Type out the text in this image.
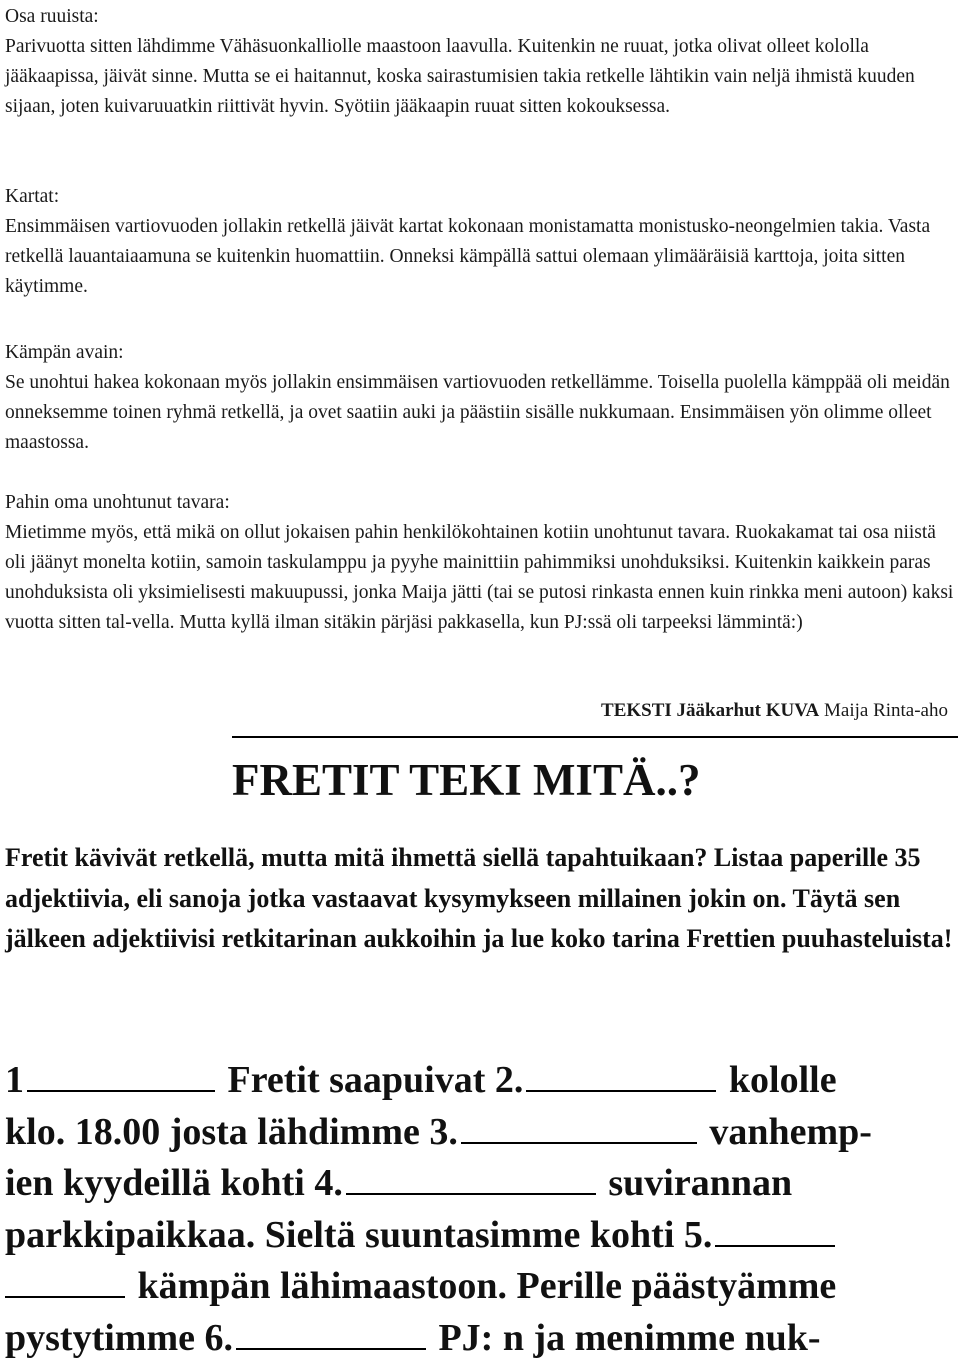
Osa ruuista:
Parivuotta sitten lähdimme Vähäsuonkalliolle maastoon laavulla. Kuitenkin ne ruuat, jotka olivat olleet kololla jääkaapissa, jäivät sinne. Mutta se ei haitannut, koska sairastumisien takia retkelle lähtikin vain neljä ihmistä kuuden sijaan, joten kuivaruuatkin riittivät hyvin. Syötiin jääkaapin ruuat sitten kokouksessa.
Kartat:
Ensimmäisen vartiovuoden jollakin retkellä jäivät kartat kokonaan monistamatta monistusko-neongelmien takia. Vasta retkellä lauantaiaamuna se kuitenkin huomattiin. Onneksi kämpällä sattui olemaan ylimääräisiä karttoja, joita sitten käytimme.
Kämpän avain:
Se unohtui hakea kokonaan myös jollakin ensimmäisen vartiovuoden retkellämme. Toisella puolella kämppää oli meidän onneksemme toinen ryhmä retkellä, ja ovet saatiin auki ja päästiin sisälle nukkumaan. Ensimmäisen yön olimme olleet maastossa.
Pahin oma unohtunut tavara:
Mietimme myös, että mikä on ollut jokaisen pahin henkilökohtainen kotiin unohtunut tavara. Ruokakamat tai osa niistä oli jäänyt monelta kotiin, samoin taskulamppu ja pyyhe mainittiin pahimmiksi unohduksiksi. Kuitenkin kaikkein paras unohduksista oli yksimielisesti makuupussi, jonka Maija jätti (tai se putosi rinkasta ennen kuin rinkka meni autoon) kaksi vuotta sitten tal-vella. Mutta kyllä ilman sitäkin pärjäsi pakkasella, kun PJ:ssä oli tarpeeksi lämmintä:)
TEKSTI Jääkarhut KUVA Maija Rinta-aho
FRETIT TEKI MITÄ..?
Fretit kävivät retkellä, mutta mitä ihmettä siellä tapahtuikaan? Listaa paperille 35 adjektiivia, eli sanoja jotka vastaavat kysymykseen millainen jokin on. Täytä sen jälkeen adjektiivisi retkitarinan aukkoihin ja lue koko tarina Frettien puuhasteluista!
1	Fretit saapuivat 2.	kololle
klo. 18.00 josta lähdimme 3.	vanhemp-
ien kyydeillä kohti 4.	suvirannan
parkkipaikkaa. Sieltä suuntasimme kohti 5.
kämpän lähimaastoon. Perille päästyämme
pystytimme 6.	PJ: n ja menimme nuk-
